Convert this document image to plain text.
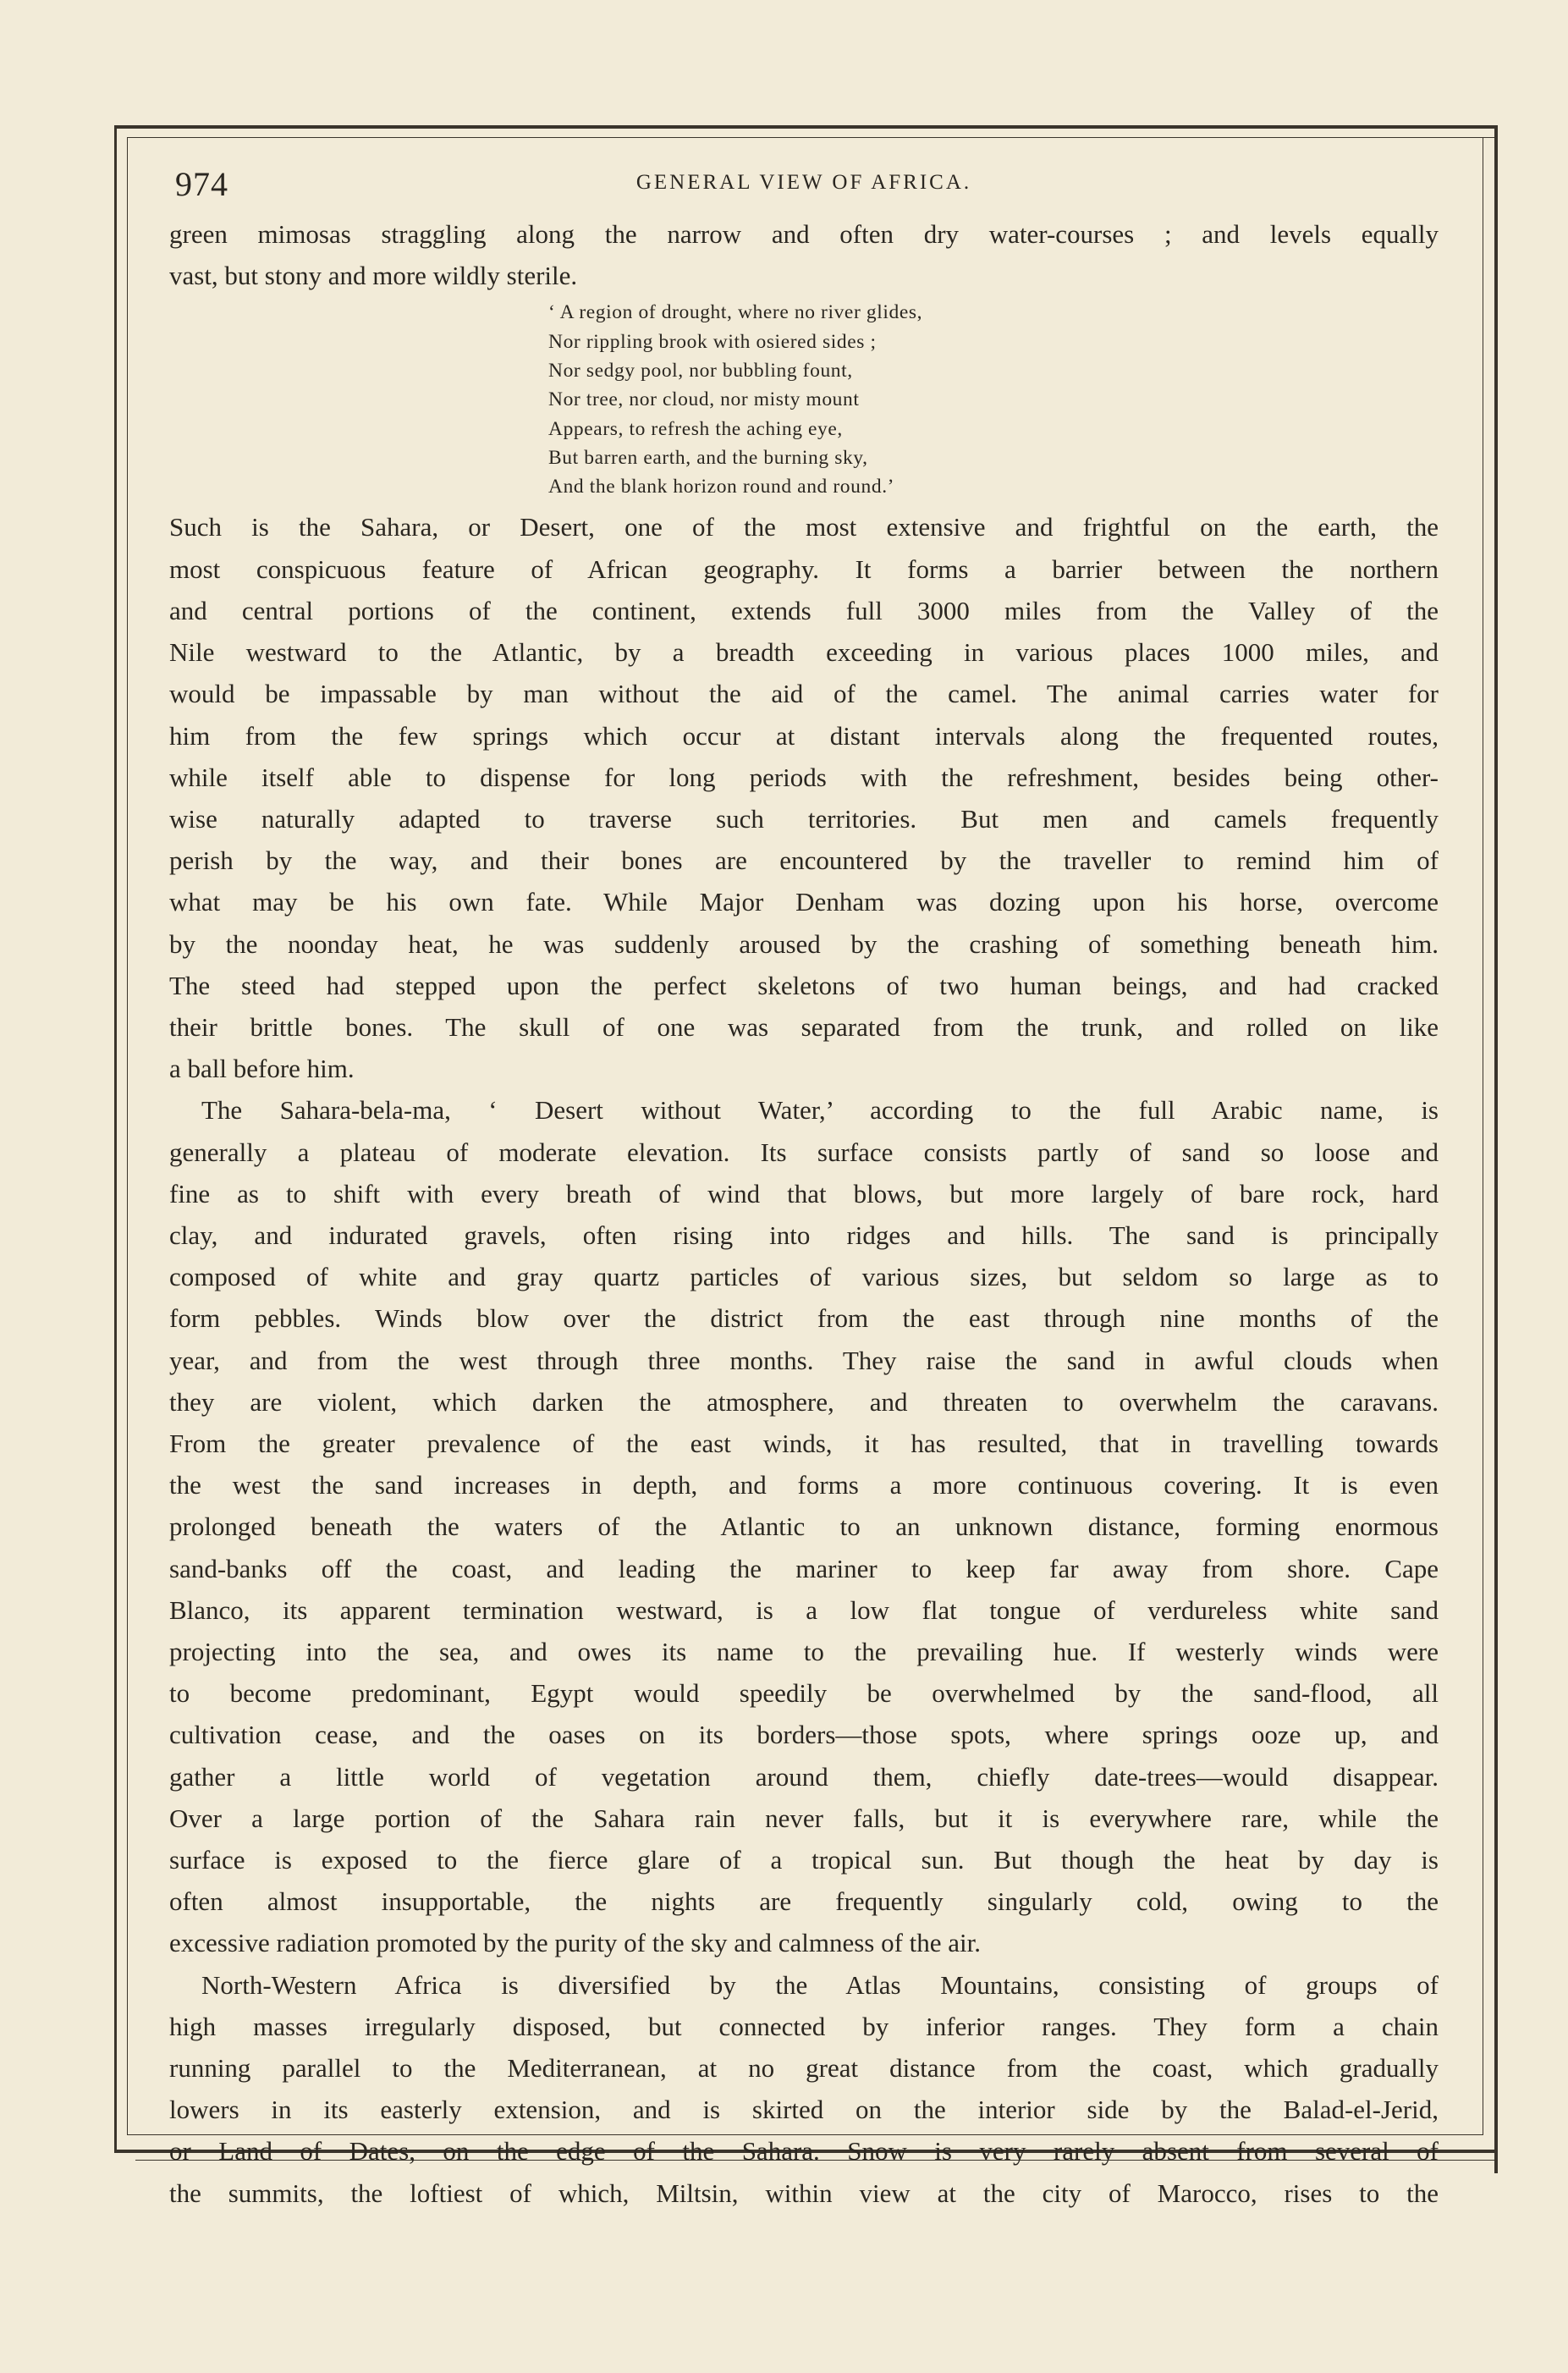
974	GENERAL VIEW OF AFRICA.
green mimosas straggling along the narrow and often dry water-courses ; and levels equally
vast, but stony and more wildly sterile.
‘ A region of drought, where no river glides,
Nor rippling brook with osiered sides ;
Nor sedgy pool, nor bubbling fount,
Nor tree, nor cloud, nor misty mount
Appears, to refresh the aching eye,
But barren earth, and the burning sky,
And the blank horizon round and round.’
Such is the Sahara, or Desert, one of the most extensive and frightful on the earth, the
most conspicuous feature of African geography. It forms a barrier between the northern
and central portions of the continent, extends full 3000 miles from the Valley of the
Nile westward to the Atlantic, by a breadth exceeding in various places 1000 miles, and
would be impassable by man without the aid of the camel. The animal carries water for
him from the few springs which occur at distant intervals along the frequented routes,
while itself able to dispense for long periods with the refreshment, besides being other-
wise naturally adapted to traverse such territories. But men and camels frequently
perish by the way, and their bones are encountered by the traveller to remind him of
what may be his own fate. While Major Denham was dozing upon his horse, overcome
by the noonday heat, he was suddenly aroused by the crashing of something beneath him.
The steed had stepped upon the perfect skeletons of two human beings, and had cracked
their brittle bones. The skull of one was separated from the trunk, and rolled on like
a ball before him.
The Sahara-bela-ma, ‘ Desert without Water,’ according to the full Arabic name, is
generally a plateau of moderate elevation. Its surface consists partly of sand so loose and
fine as to shift with every breath of wind that blows, but more largely of bare rock, hard
clay, and indurated gravels, often rising into ridges and hills. The sand is principally
composed of white and gray quartz particles of various sizes, but seldom so large as to
form pebbles. Winds blow over the district from the east through nine months of the
year, and from the west through three months. They raise the sand in awful clouds when
they are violent, which darken the atmosphere, and threaten to overwhelm the caravans.
From the greater prevalence of the east winds, it has resulted, that in travelling towards
the west the sand increases in depth, and forms a more continuous covering. It is even
prolonged beneath the waters of the Atlantic to an unknown distance, forming enormous
sand-banks off the coast, and leading the mariner to keep far away from shore. Cape
Blanco, its apparent termination westward, is a low flat tongue of verdureless white sand
projecting into the sea, and owes its name to the prevailing hue. If westerly winds were
to become predominant, Egypt would speedily be overwhelmed by the sand-flood, all
cultivation cease, and the oases on its borders—those spots, where springs ooze up, and
gather a little world of vegetation around them, chiefly date-trees—would disappear.
Over a large portion of the Sahara rain never falls, but it is everywhere rare, while the
surface is exposed to the fierce glare of a tropical sun. But though the heat by day is
often almost insupportable, the nights are frequently singularly cold, owing to the
excessive radiation promoted by the purity of the sky and calmness of the air.
North-Western Africa is diversified by the Atlas Mountains, consisting of groups of
high masses irregularly disposed, but connected by inferior ranges. They form a chain
running parallel to the Mediterranean, at no great distance from the coast, which gradually
lowers in its easterly extension, and is skirted on the interior side by the Balad-el-Jerid,
or Land of Dates, on the edge of the Sahara. Snow is very rarely absent from several of
the summits, the loftiest of which, Miltsin, within view at the city of Marocco, rises to the
